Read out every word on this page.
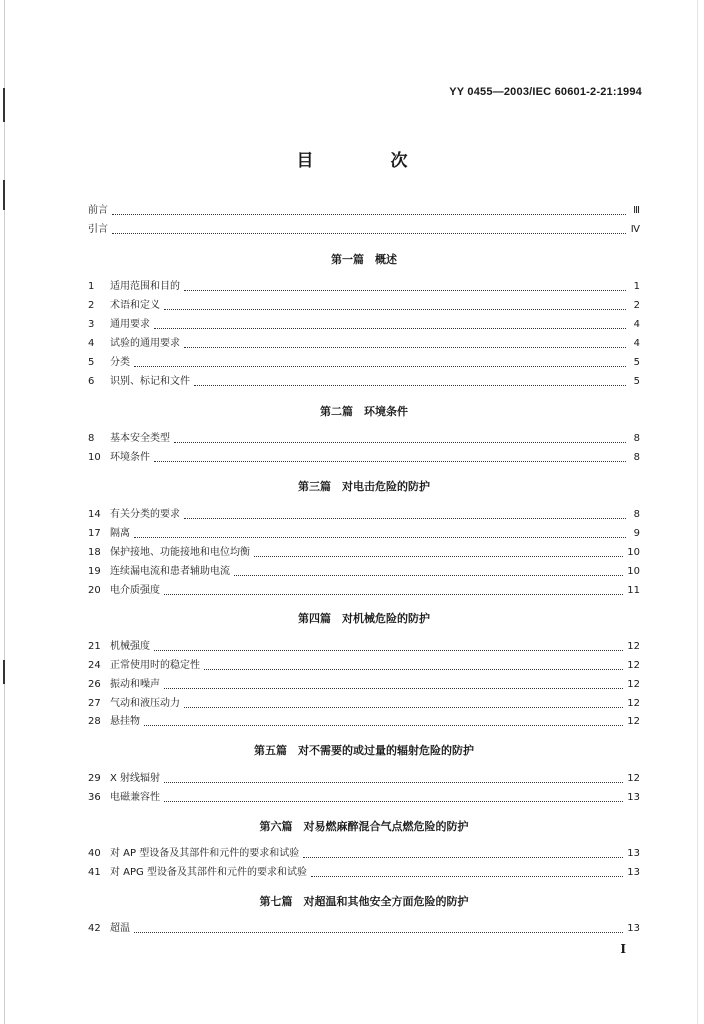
YY 0455—2003/IEC 60601-2-21:1994
目　次
前言	Ⅲ
引言	Ⅳ
第一篇　概述
1	适用范围和目的	1
2	术语和定义	2
3	通用要求	4
4	试验的通用要求	4
5	分类	5
6	识别、标记和文件	5
第二篇　环境条件
8	基本安全类型	8
10 环境条件	8
第三篇　对电击危险的防护
14 有关分类的要求	8
17 隔离	9
18 保护接地、功能接地和电位均衡	10
19 连续漏电流和患者辅助电流	10
20 电介质强度	11
第四篇　对机械危险的防护
21 机械强度	12
24 正常使用时的稳定性	12
26 振动和噪声	12
27 气动和液压动力	12
28 悬挂物	12
第五篇　对不需要的或过量的辐射危险的防护
29 X 射线辐射	12
36 电磁兼容性	13
第六篇　对易燃麻醉混合气点燃危险的防护
40 对 AP 型设备及其部件和元件的要求和试验	13
41 对 APG 型设备及其部件和元件的要求和试验	13
第七篇　对超温和其他安全方面危险的防护
42 超温	13
I
